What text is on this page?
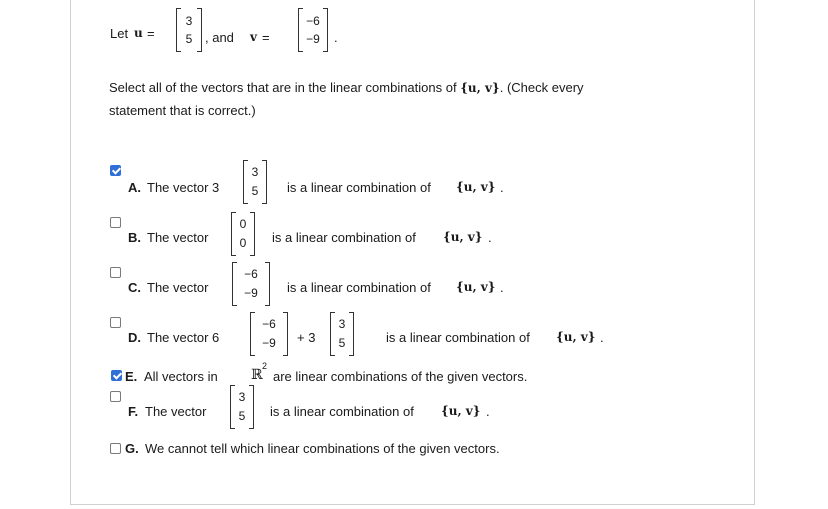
Let u =
3
5 , and v =
−6
−9	.
Select all of the vectors that are in the linear combinations of {u, v}. (Check every
statement that is correct.)
A. The vector 3
3
5	is a linear combination of {u, v} .
B. The vector
0
0	is a linear combination of {u, v} .
C. The vector
−6
−9	is a linear combination of {u, v} .
D. The vector 6
−6
−9	+ 3
3
5	is a linear combination of {u, v} .
E. All vectors in ℝ
2
are linear combinations of the given vectors.
F. The vector
3
5	is a linear combination of {u, v} .
G. We cannot tell which linear combinations of the given vectors.
